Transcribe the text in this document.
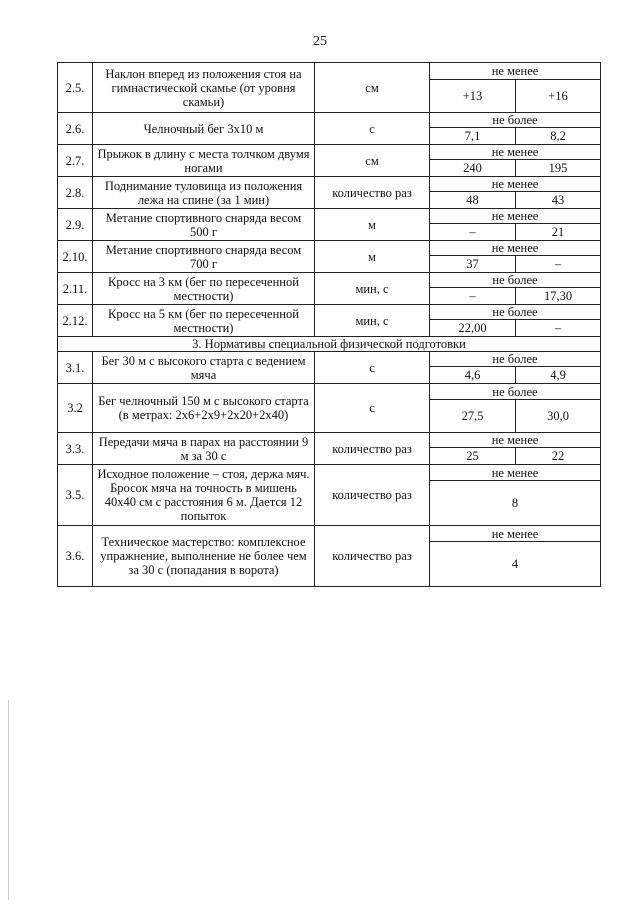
25
2.5.	Наклон вперед из положения стоя на гимнастической скамье (от уровня скамьи)	см	не менее	
			+13	+16
2.6.	Челночный бег 3х10 м	с	не более	
			7,1	8,2
2.7.	Прыжок в длину с места толчком двумя ногами	см	не менее	
			240	195
2.8.	Поднимание туловища из положения лежа на спине (за 1 мин)	количество раз	не менее	
			48	43
2.9.	Метание спортивного снаряда весом 500 г	м	не менее	
			–	21
2.10.	Метание спортивного снаряда весом 700 г	м	не менее	
			37	–
2.11.	Кросс на 3 км (бег по пересеченной местности)	мин, с	не более	
			–	17,30
2.12.	Кросс на 5 км (бег по пересеченной местности)	мин, с	не более	
			22,00	–
3. Нормативы специальной физической подготовки				
3.1.	Бег 30 м с высокого старта с ведением мяча	с	не более	
			4,6	4,9
3.2	Бег челночный 150 м с высокого старта (в метрах: 2х6+2х9+2х20+2х40)	с	не более	
			27,5	30,0
3.3.	Передачи мяча в парах на расстоянии 9 м за 30 с	количество раз	не менее	
			25	22
3.5.	Исходное положение – стоя, держа мяч. Бросок мяча на точность в мишень 40х40 см с расстояния 6 м. Дается 12 попыток	количество раз	не менее	
			8	
3.6.	Техническое мастерство: комплексное упражнение, выполнение не более чем за 30 с (попадания в ворота)	количество раз	не менее	
			4	
